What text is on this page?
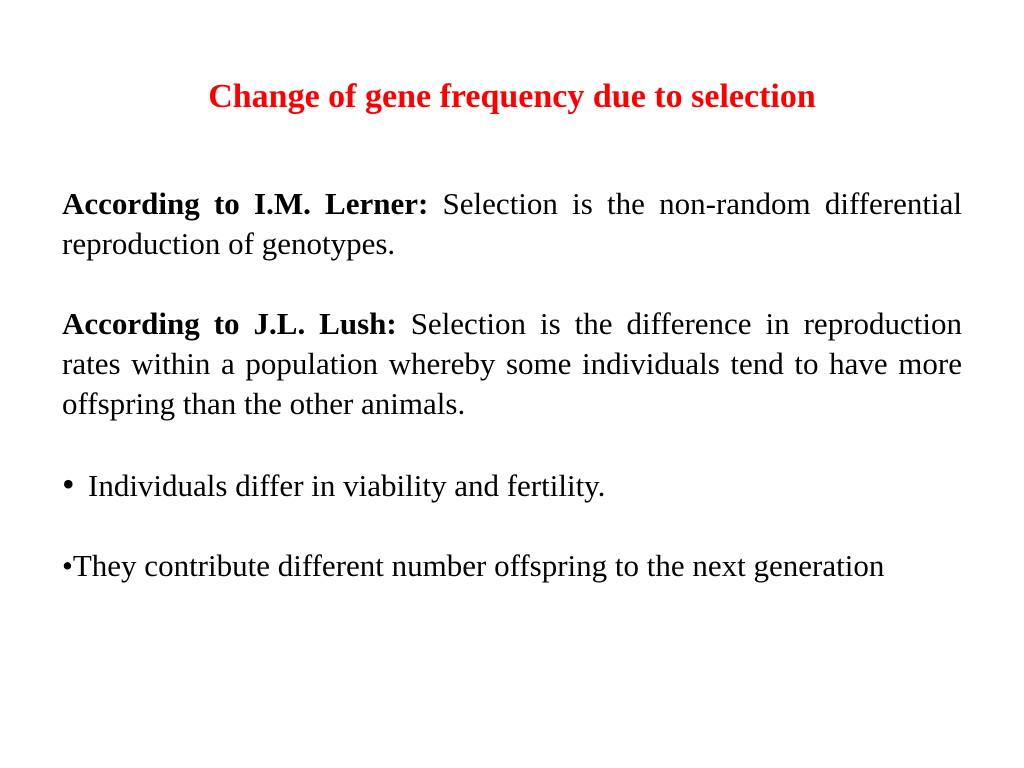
Change of gene frequency due to selection

According to I.M. Lerner: Selection is the non-random differential reproduction of genotypes.

According to J.L. Lush: Selection is the difference in reproduction rates within a population whereby some individuals tend to have more offspring than the other animals.

• Individuals differ in viability and fertility.

•They contribute different number offspring to the next generation
